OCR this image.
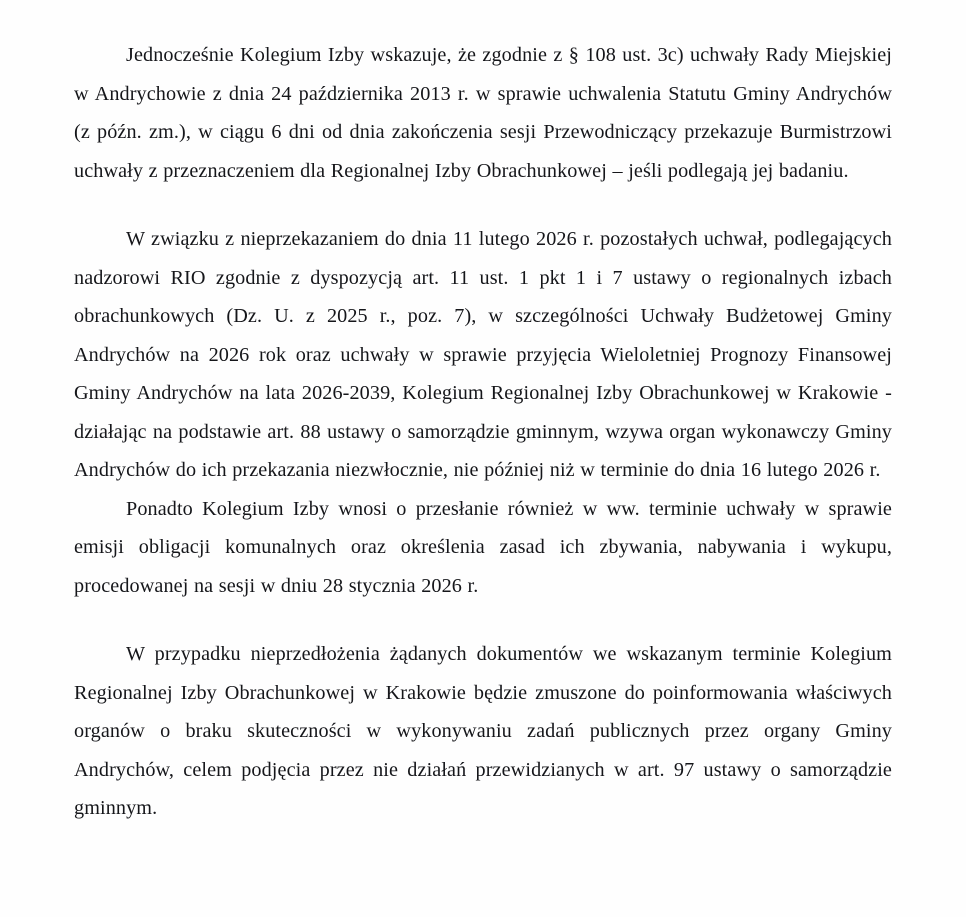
Jednocześnie Kolegium Izby wskazuje, że zgodnie z § 108 ust. 3c) uchwały Rady Miejskiej w Andrychowie z dnia 24 października 2013 r. w sprawie uchwalenia Statutu Gminy Andrychów (z późn. zm.), w ciągu 6 dni od dnia zakończenia sesji Przewodniczący przekazuje Burmistrzowi uchwały z przeznaczeniem dla Regionalnej Izby Obrachunkowej – jeśli podlegają jej badaniu.

W związku z nieprzekazaniem do dnia 11 lutego 2026 r. pozostałych uchwał, podlegających nadzorowi RIO zgodnie z dyspozycją art. 11 ust. 1 pkt 1 i 7 ustawy o regionalnych izbach obrachunkowych (Dz. U. z 2025 r., poz. 7), w szczególności Uchwały Budżetowej Gminy Andrychów na 2026 rok oraz uchwały w sprawie przyjęcia Wieloletniej Prognozy Finansowej Gminy Andrychów na lata 2026-2039, Kolegium Regionalnej Izby Obrachunkowej w Krakowie - działając na podstawie art. 88 ustawy o samorządzie gminnym, wzywa organ wykonawczy Gminy Andrychów do ich przekazania niezwłocznie, nie później niż w terminie do dnia 16 lutego 2026 r.

Ponadto Kolegium Izby wnosi o przesłanie również w ww. terminie uchwały w sprawie emisji obligacji komunalnych oraz określenia zasad ich zbywania, nabywania i wykupu, procedowanej na sesji w dniu 28 stycznia 2026 r.

W przypadku nieprzedłożenia żądanych dokumentów we wskazanym terminie Kolegium Regionalnej Izby Obrachunkowej w Krakowie będzie zmuszone do poinformowania właściwych organów o braku skuteczności w wykonywaniu zadań publicznych przez organy Gminy Andrychów, celem podjęcia przez nie działań przewidzianych w art. 97 ustawy o samorządzie gminnym.
